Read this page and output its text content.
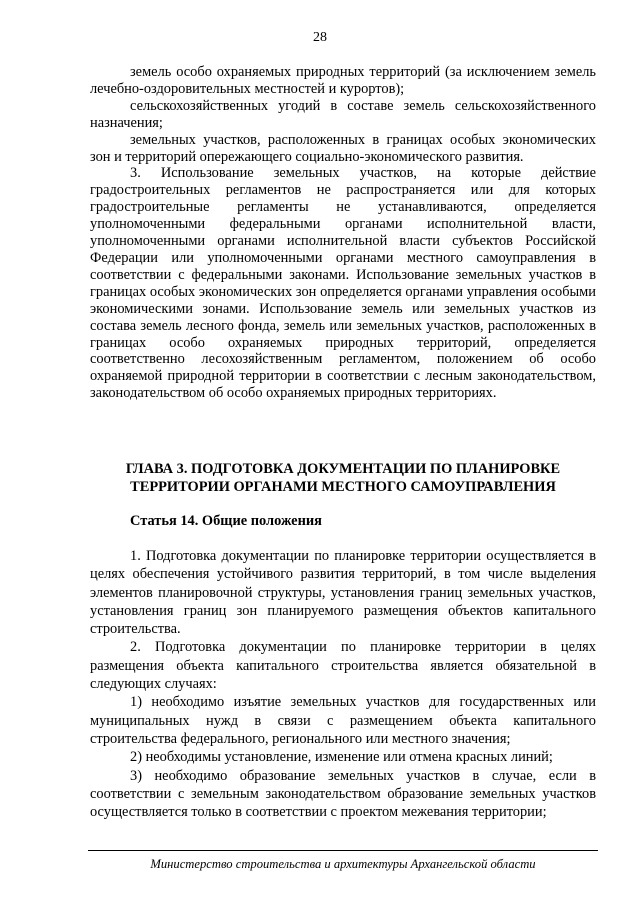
28

земель особо охраняемых природных территорий (за исключением земель лечебно-оздоровительных местностей и курортов);

сельскохозяйственных угодий в составе земель сельскохозяйственного назначения;

земельных участков, расположенных в границах особых экономических зон и территорий опережающего социально-экономического развития.

3. Использование земельных участков, на которые действие градостроительных регламентов не распространяется или для которых градостроительные регламенты не устанавливаются, определяется уполномоченными федеральными органами исполнительной власти, уполномоченными органами исполнительной власти субъектов Российской Федерации или уполномоченными органами местного самоуправления в соответствии с федеральными законами. Использование земельных участков в границах особых экономических зон определяется органами управления особыми экономическими зонами. Использование земель или земельных участков из состава земель лесного фонда, земель или земельных участков, расположенных в границах особо охраняемых природных территорий, определяется соответственно лесохозяйственным регламентом, положением об особо охраняемой природной территории в соответствии с лесным законодательством, законодательством об особо охраняемых природных территориях.

ГЛАВА 3. ПОДГОТОВКА ДОКУМЕНТАЦИИ ПО ПЛАНИРОВКЕ
ТЕРРИТОРИИ ОРГАНАМИ МЕСТНОГО САМОУПРАВЛЕНИЯ
Статья 14. Общие положения

1. Подготовка документации по планировке территории осуществляется в целях обеспечения устойчивого развития территорий, в том числе выделения элементов планировочной структуры, установления границ земельных участков, установления границ зон планируемого размещения объектов капитального строительства.

2. Подготовка документации по планировке территории в целях размещения объекта капитального строительства является обязательной в следующих случаях:

1) необходимо изъятие земельных участков для государственных или муниципальных нужд в связи с размещением объекта капитального строительства федерального, регионального или местного значения;

2) необходимы установление, изменение или отмена красных линий;

3) необходимо образование земельных участков в случае, если в соответствии с земельным законодательством образование земельных участков осуществляется только в соответствии с проектом межевания территории;

Министерство строительства и архитектуры Архангельской области
